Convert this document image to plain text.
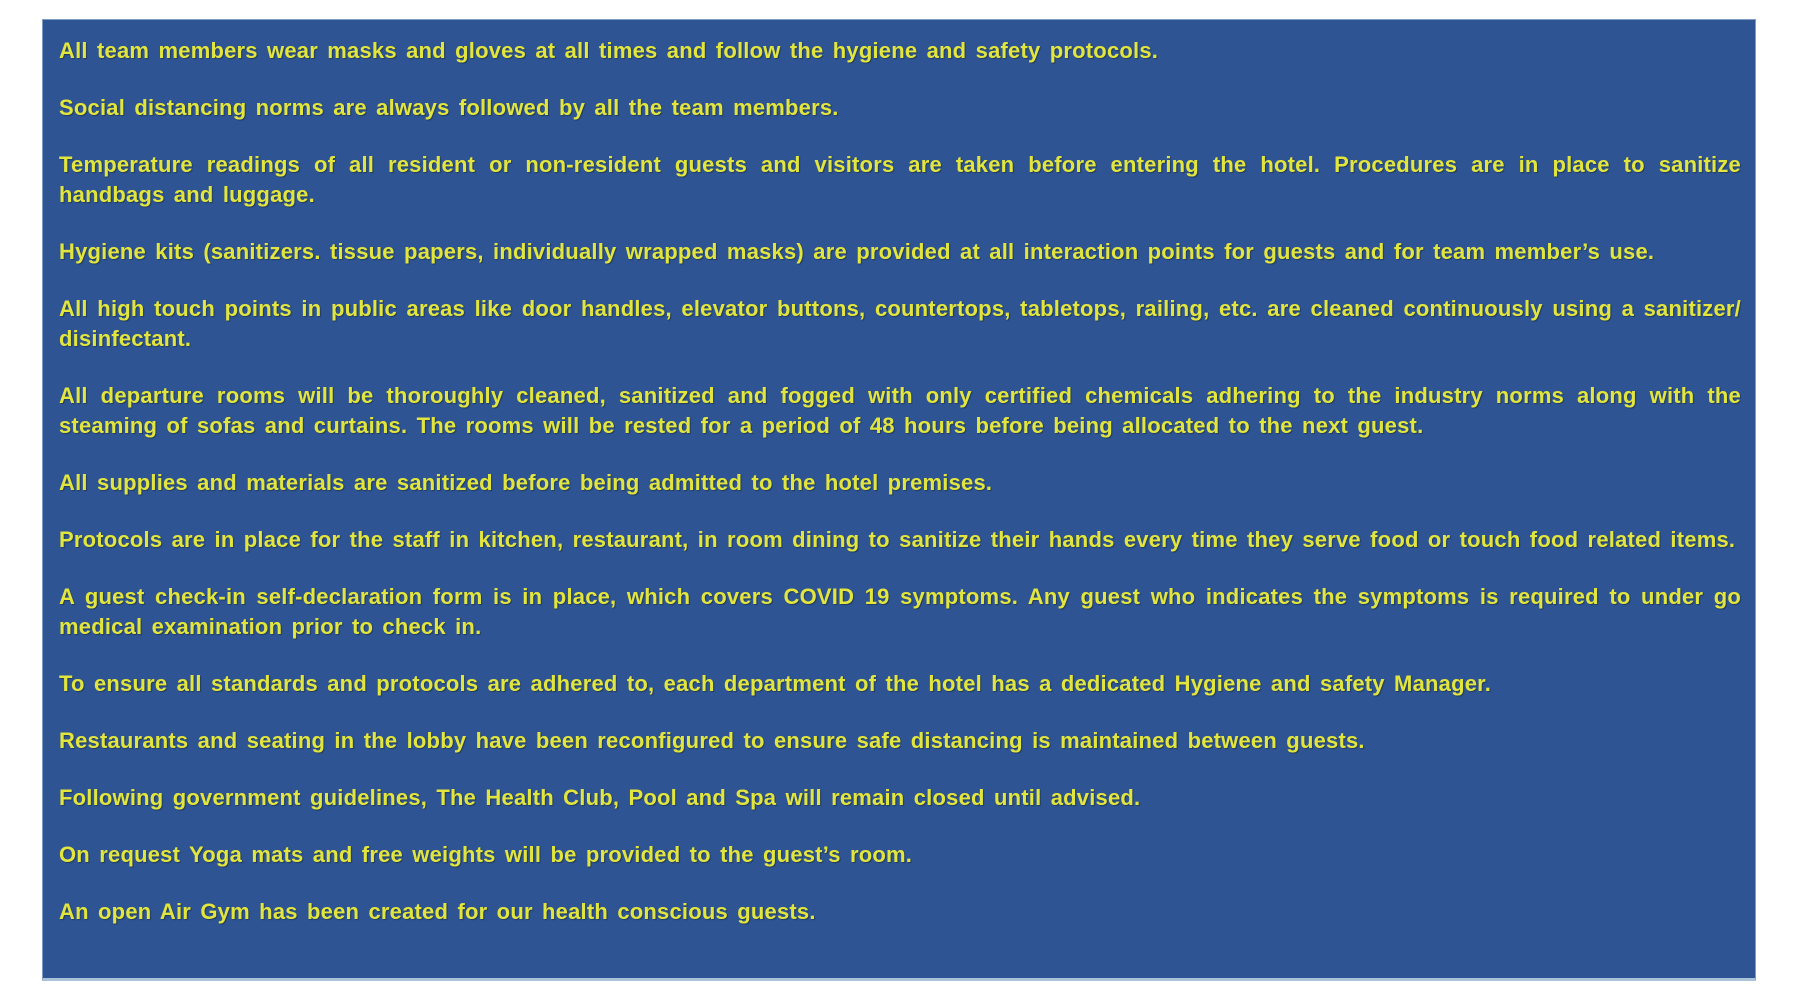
All team members wear masks and gloves at all times and follow the hygiene and safety protocols.

Social distancing norms are always followed by all the team members.

Temperature readings of all resident or non-resident guests and visitors are taken before entering the hotel. Procedures are in place to sanitize handbags and luggage.

Hygiene kits (sanitizers. tissue papers, individually wrapped masks) are provided at all interaction points for guests and for team member’s use.

All high touch points in public areas like door handles, elevator buttons, countertops, tabletops, railing, etc. are cleaned continuously using a sanitizer/ disinfectant.

All departure rooms will be thoroughly cleaned, sanitized and fogged with only certified chemicals adhering to the industry norms along with the steaming of sofas and curtains. The rooms will be rested for a period of 48 hours before being allocated to the next guest.

All supplies and materials are sanitized before being admitted to the hotel premises.

Protocols are in place for the staff in kitchen, restaurant, in room dining to sanitize their hands every time they serve food or touch food related items.

A guest check-in self-declaration form is in place, which covers COVID 19 symptoms. Any guest who indicates the symptoms is required to under go medical examination prior to check in.

To ensure all standards and protocols are adhered to, each department of the hotel has a dedicated Hygiene and safety Manager.

Restaurants and seating in the lobby have been reconfigured to ensure safe distancing is maintained between guests.

Following government guidelines, The Health Club, Pool and Spa will remain closed until advised.

On request Yoga mats and free weights will be provided to the guest’s room.

An open Air Gym has been created for our health conscious guests.
